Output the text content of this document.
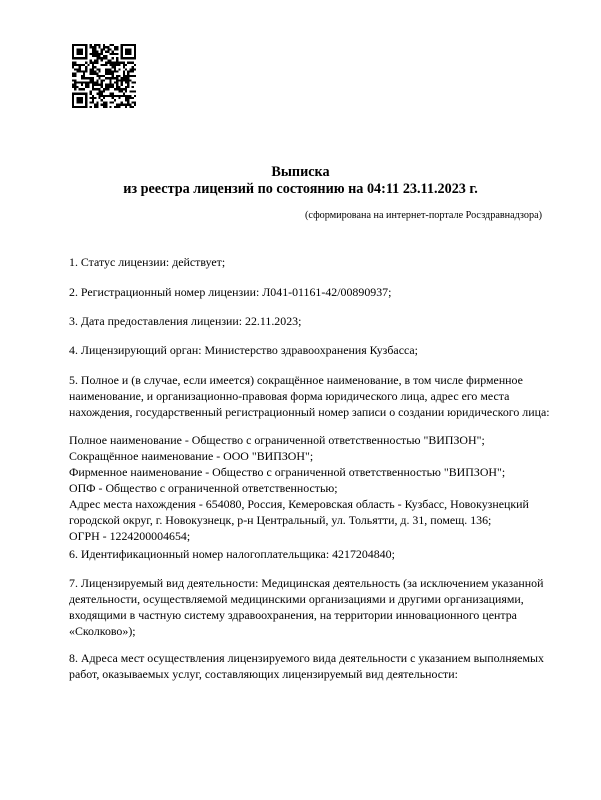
Выписка
из реестра лицензий по состоянию на 04:11 23.11.2023 г.
(сформирована на интернет-портале Росздравнадзора)
1. Статус лицензии: действует;
2. Регистрационный номер лицензии: Л041-01161-42/00890937;
3. Дата предоставления лицензии: 22.11.2023;
4. Лицензирующий орган: Министерство здравоохранения Кузбасса;
5. Полное и (в случае, если имеется) сокращённое наименование, в том числе фирменное
наименование, и организационно-правовая форма юридического лица, адрес его места
нахождения, государственный регистрационный номер записи о создании юридического лица:
Полное наименование - Общество с ограниченной ответственностью "ВИПЗОН";
Сокращённое наименование - ООО "ВИПЗОН";
Фирменное наименование - Общество с ограниченной ответственностью "ВИПЗОН";
ОПФ - Общество с ограниченной ответственностью;
Адрес места нахождения - 654080, Россия, Кемеровская область - Кузбасс, Новокузнецкий
городской округ, г. Новокузнецк, р-н Центральный, ул. Тольятти, д. 31, помещ. 136;
ОГРН - 1224200004654;
6. Идентификационный номер налогоплательщика: 4217204840;
7. Лицензируемый вид деятельности: Медицинская деятельность (за исключением указанной
деятельности, осуществляемой медицинскими организациями и другими организациями,
входящими в частную систему здравоохранения, на территории инновационного центра
«Сколково»);
8. Адреса мест осуществления лицензируемого вида деятельности с указанием выполняемых
работ, оказываемых услуг, составляющих лицензируемый вид деятельности:
